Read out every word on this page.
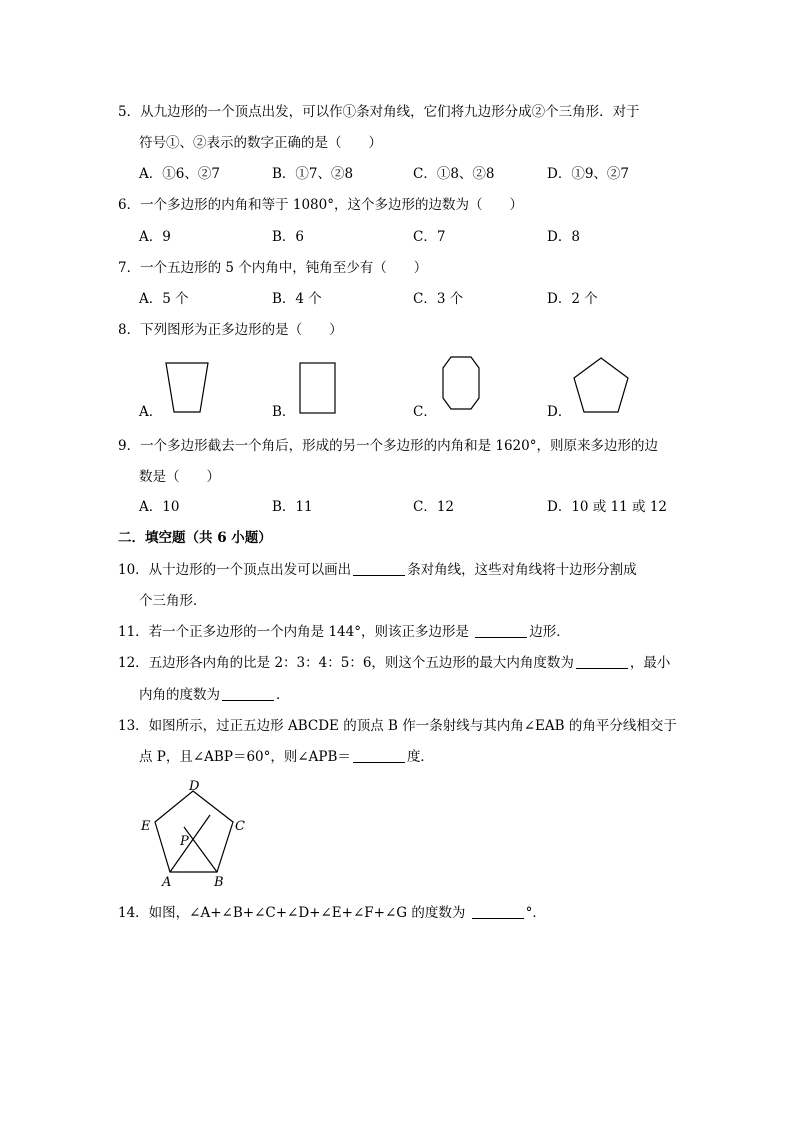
5．从九边形的一个顶点出发，可以作①条对角线，它们将九边形分成②个三角形．对于
符号①、②表示的数字正确的是（　　）
A．①6、②7	B．①7、②8	C．①8、②8	D．①9、②7
6．一个多边形的内角和等于 1080°，这个多边形的边数为（　　）
A．9	B．6	C．7	D．8
7．一个五边形的 5 个内角中，钝角至少有（　　）
A．5 个	B．4 个	C．3 个	D．2 个
8．下列图形为正多边形的是（　　）
A．	B．	C．	D．
9．一个多边形截去一个角后，形成的另一个多边形的内角和是 1620°，则原来多边形的边
数是（　　）
A．10	B．11	C．12	D．10 或 11 或 12
二．填空题（共 6 小题）
10．从十边形的一个顶点出发可以画出	条对角线，这些对角线将十边形分割成
个三角形．
11．若一个正多边形的一个内角是 144°，则该正多边形是	边形．
12．五边形各内角的比是 2：3：4：5：6，则这个五边形的最大内角度数为	，最小
内角的度数为	．
13．如图所示，过正五边形 ABCDE 的顶点 B 作一条射线与其内角∠EAB 的角平分线相交于
点 P，且∠ABP＝60°，则∠APB＝	度．
D
E	C
P
A	B
14．如图，∠A+∠B+∠C+∠D+∠E+∠F+∠G 的度数为	°．
